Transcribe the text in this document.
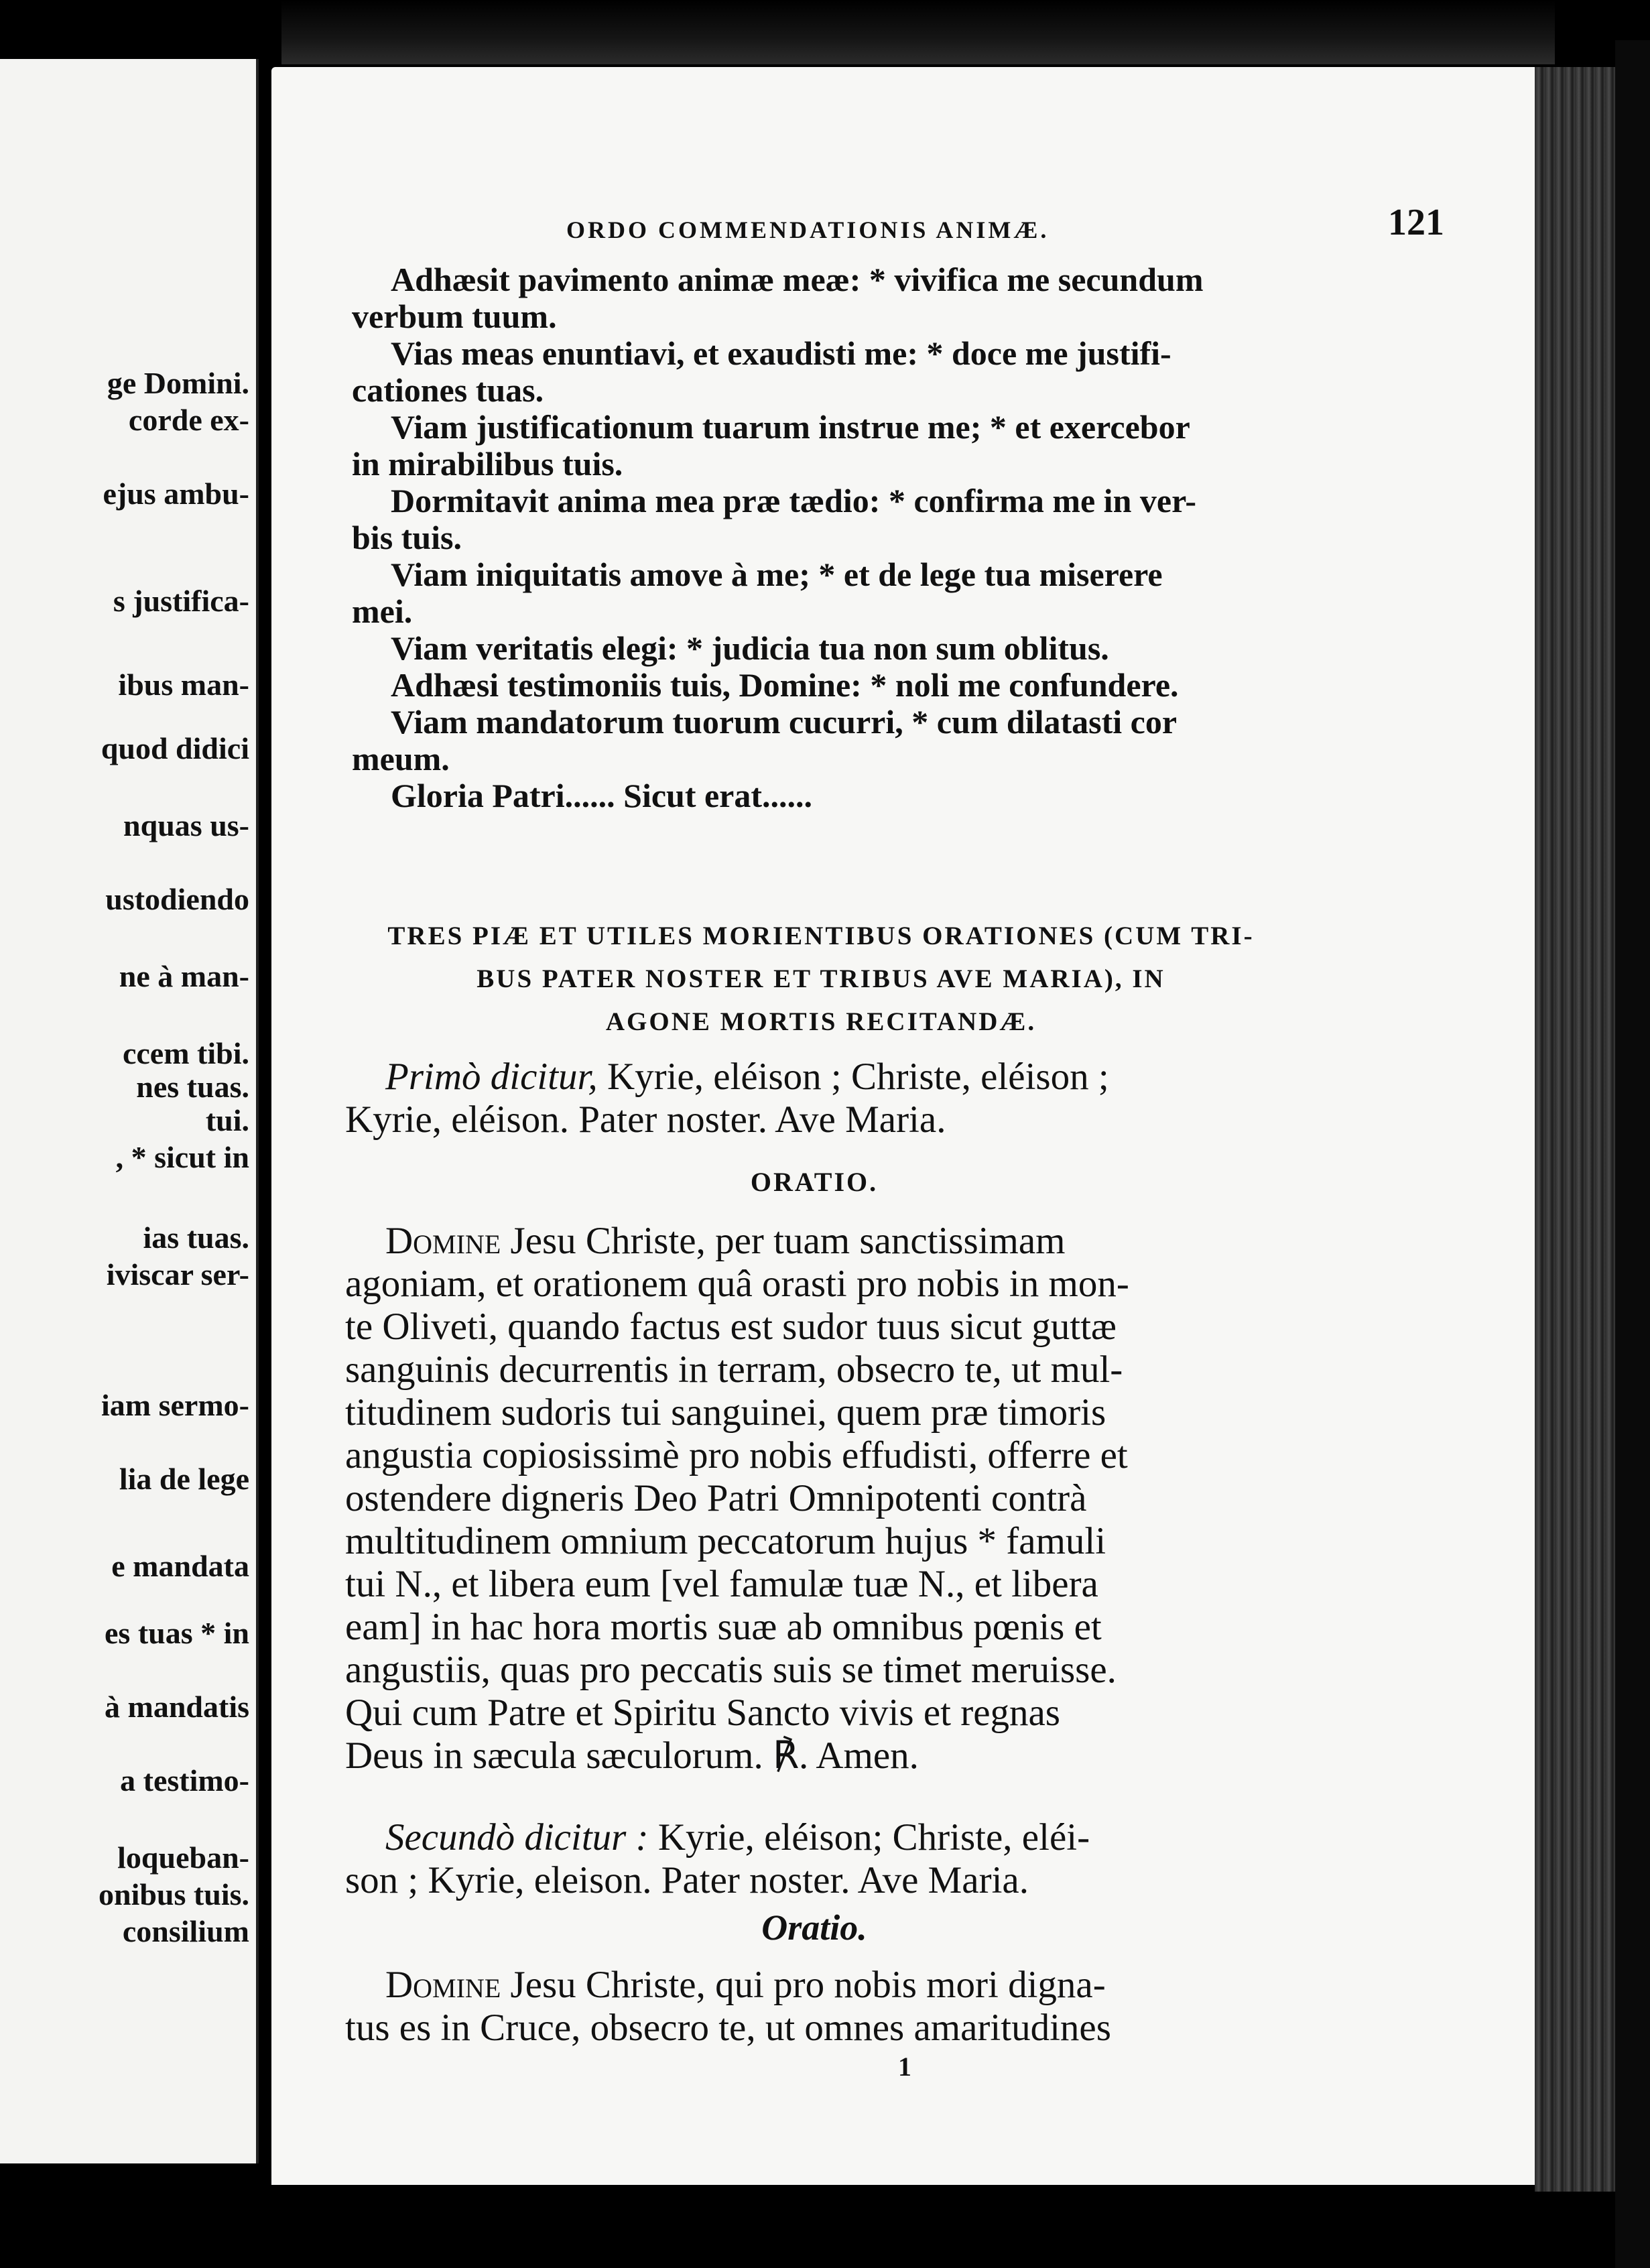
ge Domini.
corde ex-
ejus ambu-
s justifica-
ibus man-
quod didici
nquas us-
ustodiendo
ne à man-
ccem tibi.
nes tuas.
tui.
, * sicut in
ias tuas.
iviscar ser-
iam sermo-
lia de lege
e mandata
es tuas * in
à mandatis
a testimo-
loqueban-
onibus tuis.
consilium
ORDO COMMENDATIONIS ANIMÆ.	121
Adhæsit pavimento animæ meæ: * vivifica me secundum
verbum tuum.
Vias meas enuntiavi, et exaudisti me: * doce me justifi-
cationes tuas.
Viam justificationum tuarum instrue me; * et exercebor
in mirabilibus tuis.
Dormitavit anima mea præ tædio: * confirma me in ver-
bis tuis.
Viam iniquitatis amove à me; * et de lege tua miserere
mei.
Viam veritatis elegi: * judicia tua non sum oblitus.
Adhæsi testimoniis tuis, Domine: * noli me confundere.
Viam mandatorum tuorum cucurri, * cum dilatasti cor
meum.
Gloria Patri...... Sicut erat......
TRES PIÆ ET UTILES MORIENTIBUS ORATIONES (CUM TRI-
BUS PATER NOSTER ET TRIBUS AVE MARIA), IN
AGONE MORTIS RECITANDÆ.
Primò dicitur, Kyrie, eléison ; Christe, eléison ;
Kyrie, eléison. Pater noster. Ave Maria.
ORATIO.
Domine Jesu Christe, per tuam sanctissimam
agoniam, et orationem quâ orasti pro nobis in mon-
te Oliveti, quando factus est sudor tuus sicut guttæ
sanguinis decurrentis in terram, obsecro te, ut mul-
titudinem sudoris tui sanguinei, quem præ timoris
angustia copiosissimè pro nobis effudisti, offerre et
ostendere digneris Deo Patri Omnipotenti contrà
multitudinem omnium peccatorum hujus * famuli
tui N., et libera eum [vel famulæ tuæ N., et libera
eam] in hac hora mortis suæ ab omnibus pœnis et
angustiis, quas pro peccatis suis se timet meruisse.
Qui cum Patre et Spiritu Sancto vivis et regnas
Deus in sæcula sæculorum. ℟. Amen.
Secundò dicitur : Kyrie, eléison; Christe, eléi-
son ; Kyrie, eleison. Pater noster. Ave Maria.
Oratio.
Domine Jesu Christe, qui pro nobis mori digna-
tus es in Cruce, obsecro te, ut omnes amaritudines
1
